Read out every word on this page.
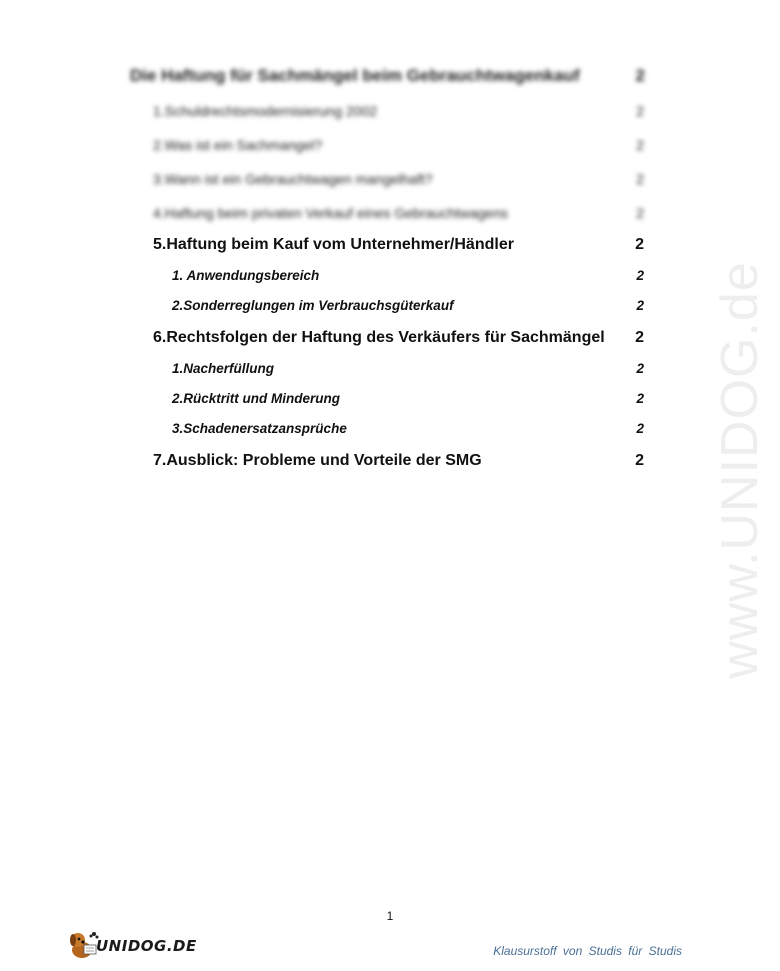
www.UNIDOG.de
Die Haftung für Sachmängel beim Gebrauchtwagenkauf	2
1.Schuldrechtsmodernisierung 2002	2
2.Was ist ein Sachmangel?	2
3.Wann ist ein Gebrauchtwagen mangelhaft?	2
4.Haftung beim privaten Verkauf eines Gebrauchtwagens	2
5.Haftung beim Kauf vom Unternehmer/Händler	2
1. Anwendungsbereich	2
2.Sonderreglungen im Verbrauchsgüterkauf	2
6.Rechtsfolgen der Haftung des Verkäufers für Sachmängel 2
1.Nacherfüllung	2
2.Rücktritt und Minderung	2
3.Schadenersatzansprüche	2
7.Ausblick: Probleme und Vorteile der SMG	2
1
UNIDOG.DE	Klausurstoff von Studis für Studis
